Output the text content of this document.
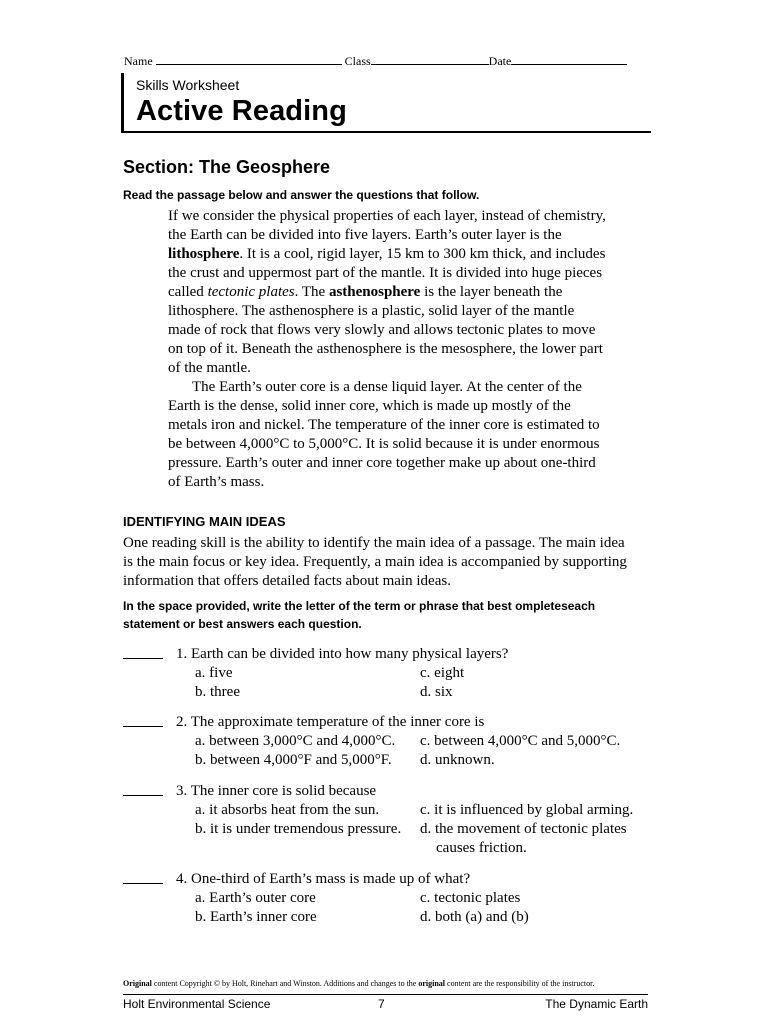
Name	Class	Date
Skills Worksheet
Active Reading
Section: The Geosphere
Read the passage below and answer the questions that follow.

If we consider the physical properties of each layer, instead of chemistry, the Earth can be divided into five layers. Earth’s outer layer is the lithosphere. It is a cool, rigid layer, 15 km to 300 km thick, and includes the crust and uppermost part of the mantle. It is divided into huge pieces called tectonic plates. The asthenosphere is the layer beneath the lithosphere. The asthenosphere is a plastic, solid layer of the mantle made of rock that flows very slowly and allows tectonic plates to move on top of it. Beneath the asthenosphere is the mesosphere, the lower part of the mantle.

The Earth’s outer core is a dense liquid layer. At the center of the Earth is the dense, solid inner core, which is made up mostly of the metals iron and nickel. The temperature of the inner core is estimated to be between 4,000°C to 5,000°C. It is solid because it is under enormous pressure. Earth’s outer and inner core together make up about one-third of Earth’s mass.

IDENTIFYING MAIN IDEAS
One reading skill is the ability to identify the main idea of a passage. The main idea is the main focus or key idea. Frequently, a main idea is accompanied by supporting information that offers detailed facts about main ideas.
In the space provided, write the letter of the term or phrase that best ompleteseach statement or best answers each question.
1. Earth can be divided into how many physical layers?
a. five
b. three
c. eight
d. six
2. The approximate temperature of the inner core is
a. between 3,000°C and 4,000°C.
b. between 4,000°F and 5,000°F.
c. between 4,000°C and 5,000°C.
d. unknown.
3. The inner core is solid because
a. it absorbs heat from the sun.
b. it is under tremendous pressure.
c. it is influenced by global arming.
d. the movement of tectonic plates
causes friction.
4. One-third of Earth’s mass is made up of what?
a. Earth’s outer core
b. Earth’s inner core
c. tectonic plates
d. both (a) and (b)
Original content Copyright © by Holt, Rinehart and Winston. Additions and changes to the original content are the responsibility of the instructor.
Holt Environmental Science	7	The Dynamic Earth
